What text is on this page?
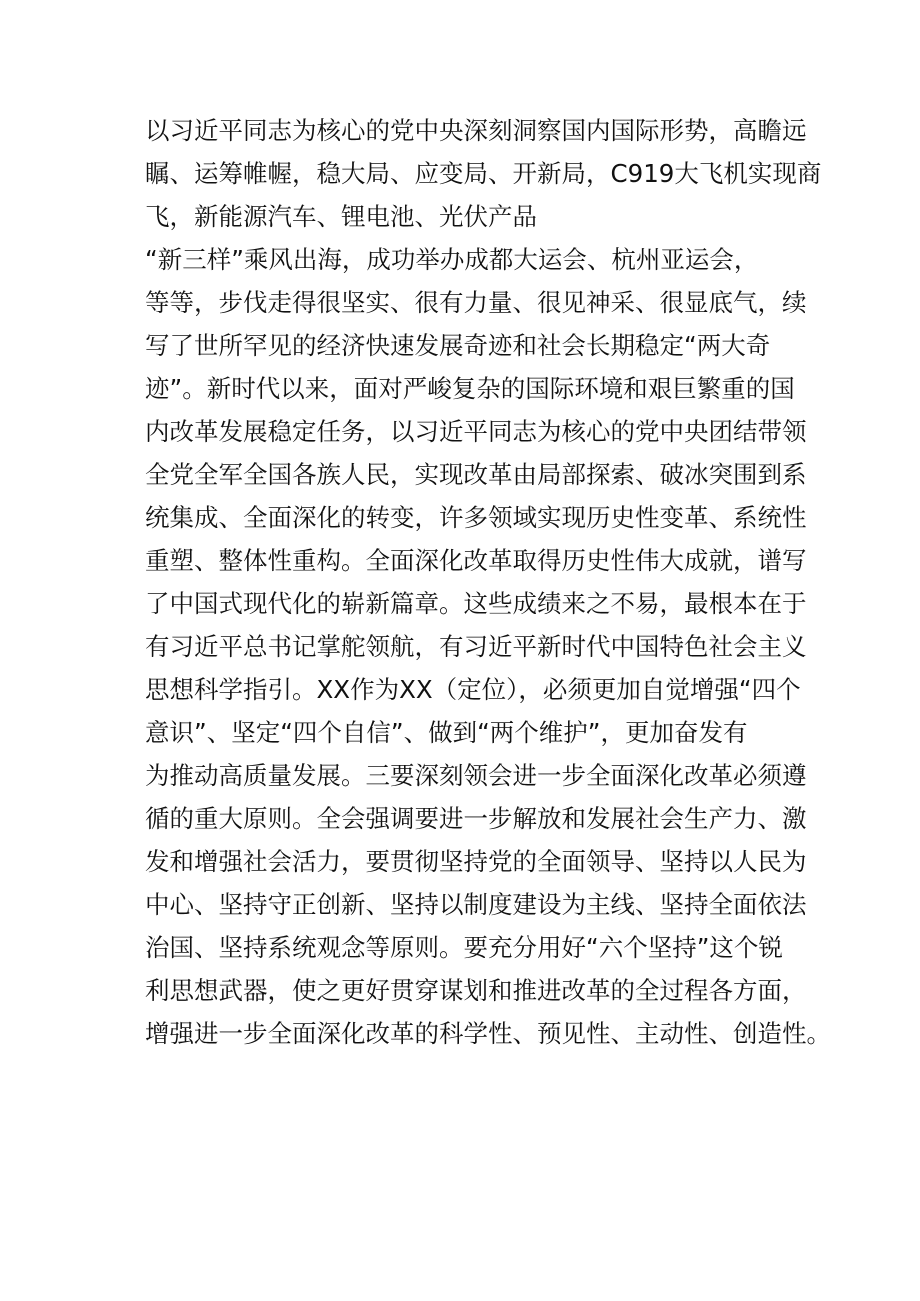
以习近平同志为核心的党中央深刻洞察国内国际形势，高瞻远
瞩、运筹帷幄，稳大局、应变局、开新局，C919大飞机实现商
飞，新能源汽车、锂电池、光伏产品
“新三样”乘风出海，成功举办成都大运会、杭州亚运会，
等等，步伐走得很坚实、很有力量、很见神采、很显底气，续
写了世所罕见的经济快速发展奇迹和社会长期稳定“两大奇
迹”。新时代以来，面对严峻复杂的国际环境和艰巨繁重的国
内改革发展稳定任务，以习近平同志为核心的党中央团结带领
全党全军全国各族人民，实现改革由局部探索、破冰突围到系
统集成、全面深化的转变，许多领域实现历史性变革、系统性
重塑、整体性重构。全面深化改革取得历史性伟大成就，谱写
了中国式现代化的崭新篇章。这些成绩来之不易，最根本在于
有习近平总书记掌舵领航，有习近平新时代中国特色社会主义
思想科学指引。XX作为XX（定位），必须更加自觉增强“四个
意识”、坚定“四个自信”、做到“两个维护”，更加奋发有
为推动高质量发展。三要深刻领会进一步全面深化改革必须遵
循的重大原则。全会强调要进一步解放和发展社会生产力、激
发和增强社会活力，要贯彻坚持党的全面领导、坚持以人民为
中心、坚持守正创新、坚持以制度建设为主线、坚持全面依法
治国、坚持系统观念等原则。要充分用好“六个坚持”这个锐
利思想武器，使之更好贯穿谋划和推进改革的全过程各方面，
增强进一步全面深化改革的科学性、预见性、主动性、创造性。
